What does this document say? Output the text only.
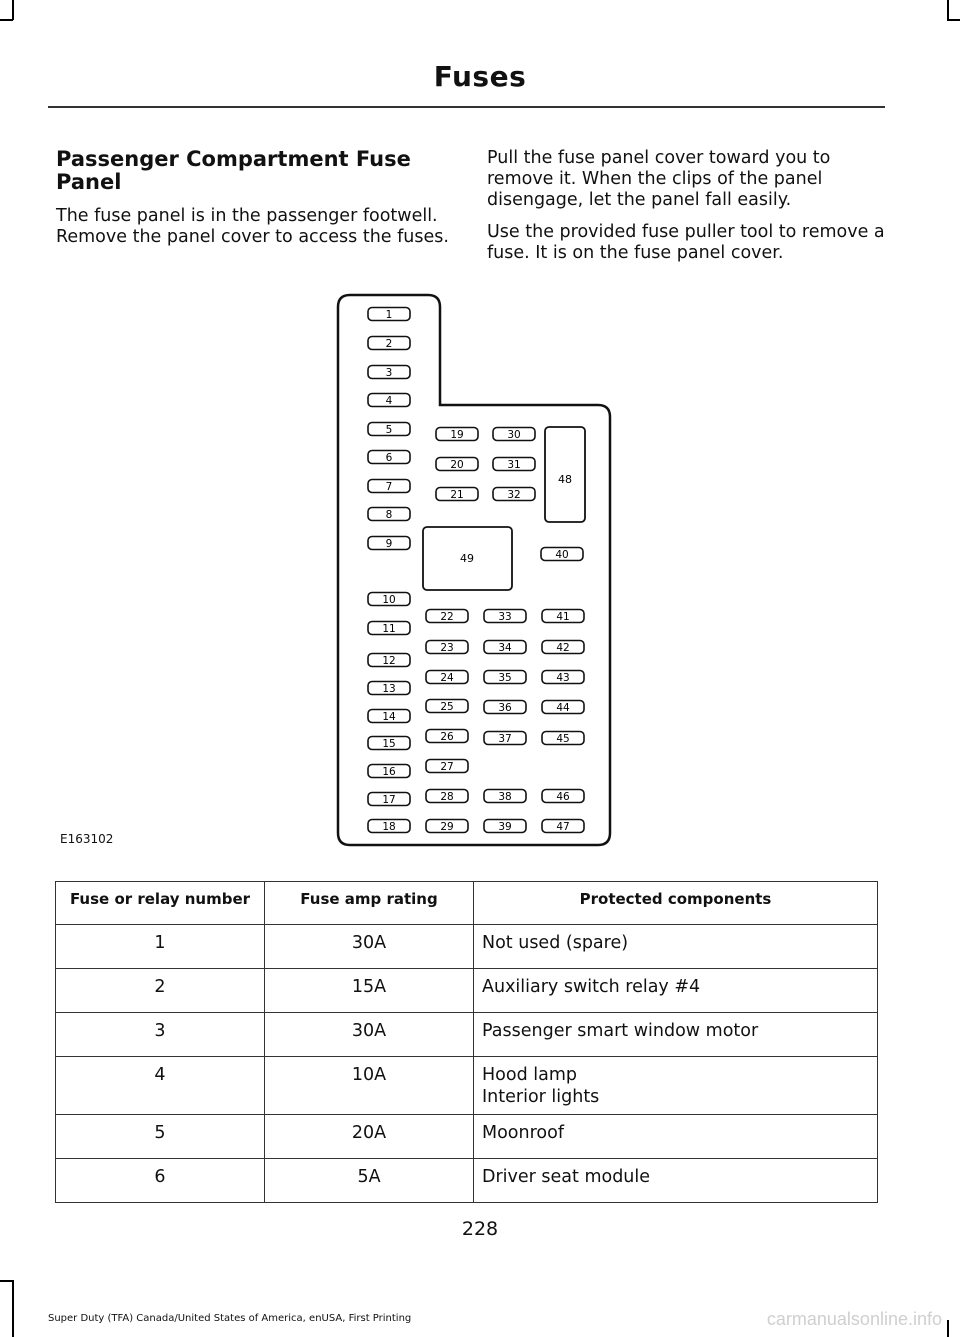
Fuses
Passenger Compartment Fuse Panel

The fuse panel is in the passenger footwell. Remove the panel cover to access the fuses.

Pull the fuse panel cover toward you to remove it. When the clips of the panel disengage, let the panel fall easily.

Use the provided fuse puller tool to remove a fuse. It is on the fuse panel cover.

48
49
1
2
3
4
5
6
7
8
9
10
11
12
13
14
15
16
17
18
19
20
21
22
23
24
25
26
27
28
29
30
31
32
33
34
35
36
37
38
39
40
41
42
43
44
45
46
47
E163102
Fuse or relay number	Fuse amp rating	Protected components
1	30A	Not used (spare)

2	15A	Auxiliary switch relay #4

3	30A	Passenger smart window motor

4	10A	Hood lamp
Interior lights

5	20A	Moonroof

6	5A	Driver seat module
228
Super Duty (TFA) Canada/United States of America, enUSA, First Printing	carmanualsonline.info
